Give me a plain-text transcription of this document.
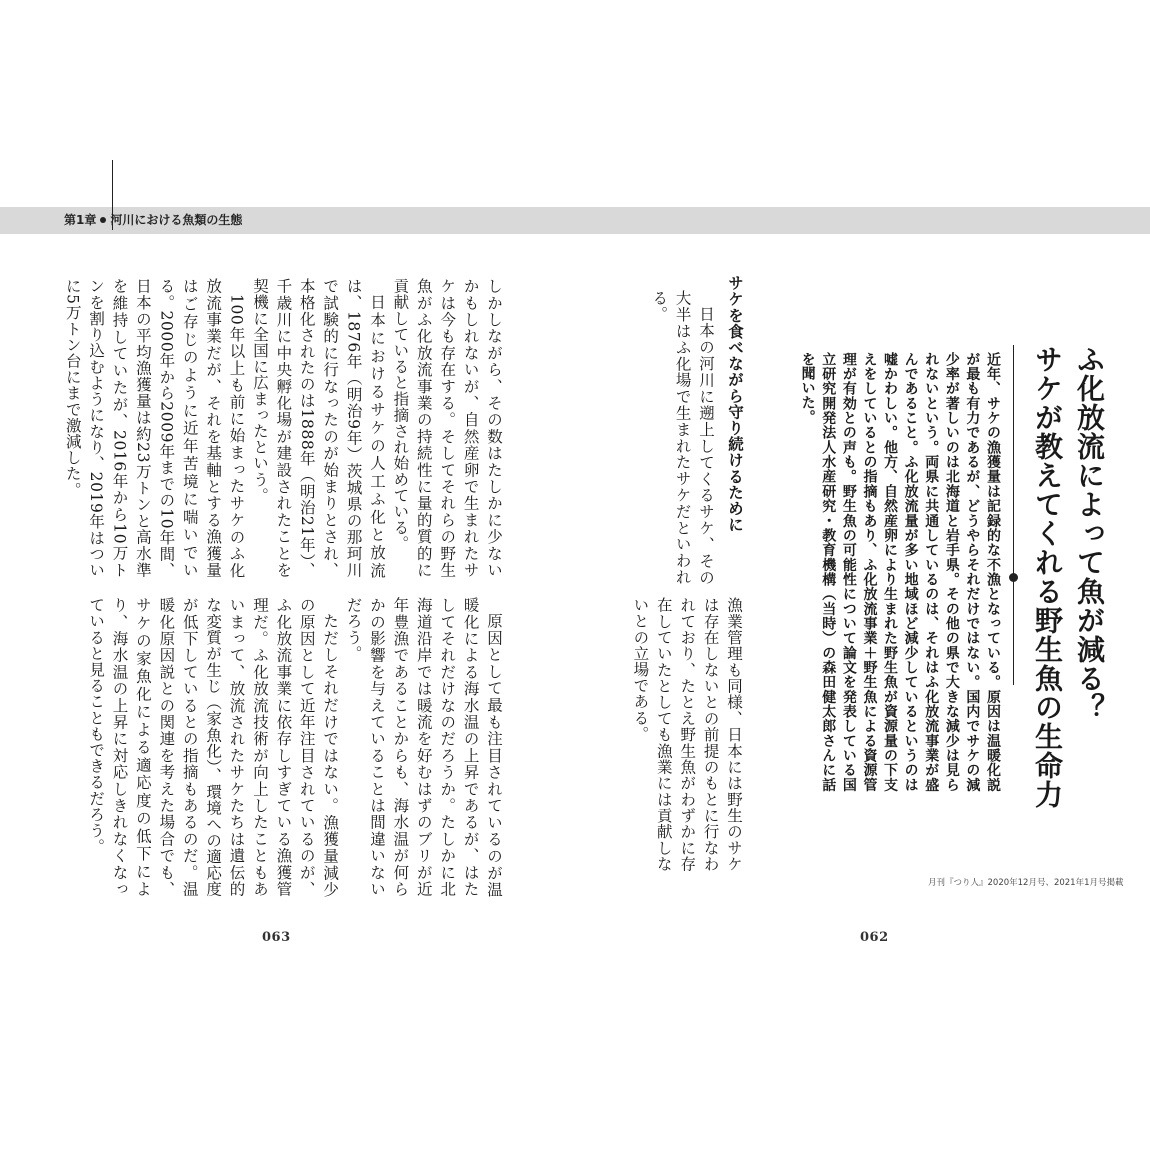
第1章 河川における魚類の生態
ふ化放流によって魚が減る？
サケが教えてくれる野生魚の生命力
近年、サケの漁獲量は記録的な不漁となっている。原因は温暖化説が最も有力であるが、どうやらそれだけではない。国内でサケの減少率が著しいのは北海道と岩手県。その他の県で大きな減少は見られないという。両県に共通しているのは、それはふ化放流事業が盛んであること。ふ化放流量が多い地域ほど減少しているというのは嘘かわしい。他方、自然産卵により生まれた野生魚が資源量の下支えをしているとの指摘もあり、ふ化放流事業＋野生魚による資源管理が有効との声も。野生魚の可能性について論文を発表している国立研究開発法人水産研究・教育機構（当時）の森田健太郎さんに話を聞いた。
サケを食べながら守り続けるために

日本の河川に遡上してくるサケ、その大半はふ化場で生まれたサケだといわれる。

漁業管理も同様、日本には野生のサケは存在しないとの前提のもとに行なわれており、たとえ野生魚がわずかに存在していたとしても漁業には貢献しないとの立場である。

月刊『つり人』2020年12月号、2021年1月号掲載
062

しかしながら、その数はたしかに少ないかもしれないが、自然産卵で生まれたサケは今も存在する。そしてそれらの野生魚がふ化放流事業の持続性に量的質的に貢献していると指摘され始めている。

日本におけるサケの人工ふ化と放流は、1876年（明治9年）茨城県の那珂川で試験的に行なったのが始まりとされ、本格化されたのは1888年（明治21年）、千歳川に中央孵化場が建設されたことを契機に全国に広まったという。

100年以上も前に始まったサケのふ化放流事業だが、それを基軸とする漁獲量はご存じのように近年苦境に喘いでいる。2000年から2009年までの10年間、日本の平均漁獲量は約23万トンと高水準を維持していたが、2016年から10万トンを割り込むようになり、2019年はついに5万トン台にまで激減した。

原因として最も注目されているのが温暖化による海水温の上昇であるが、はたしてそれだけなのだろうか。たしかに北海道沿岸では暖流を好むはずのブリが近年豊漁であることからも、海水温が何らかの影響を与えていることは間違いないだろう。

ただしそれだけではない。漁獲量減少の原因として近年注目されているのが、ふ化放流事業に依存しすぎている漁獲管理だ。ふ化放流技術が向上したこともあいまって、放流されたサケたちは遺伝的な変質が生じ（家魚化）、環境への適応度が低下しているとの指摘もあるのだ。温暖化原因説との関連を考えた場合でも、サケの家魚化による適応度の低下により、海水温の上昇に対応しきれなくなっていると見ることもできるだろう。

063
